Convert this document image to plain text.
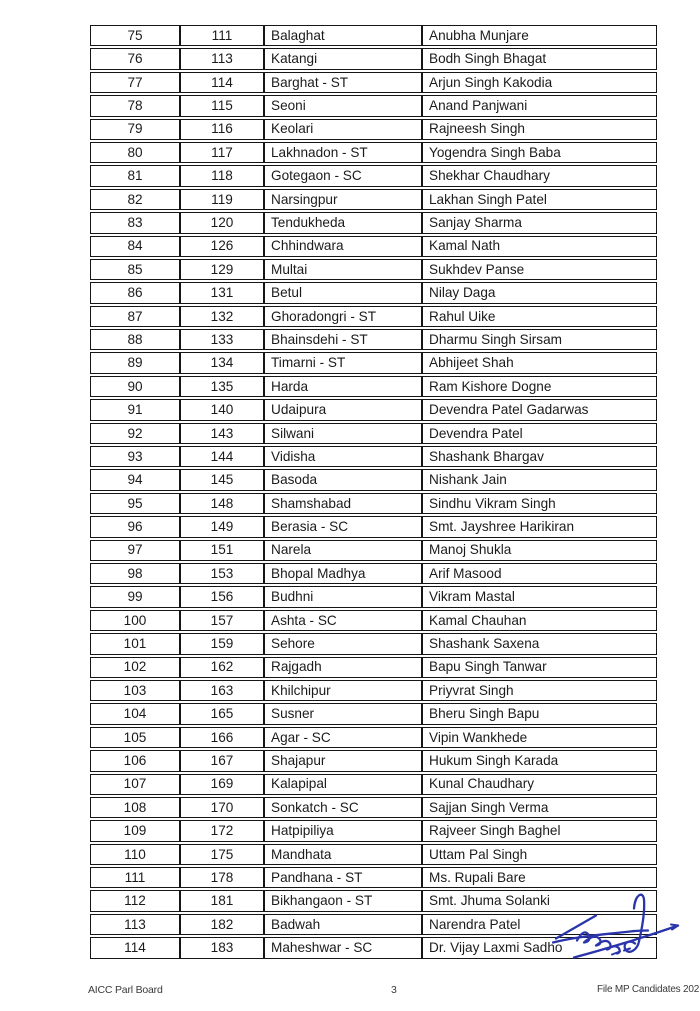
75	111	Balaghat	Anubha Munjare
76	113	Katangi	Bodh Singh Bhagat
77	114	Barghat - ST	Arjun Singh Kakodia
78	115	Seoni	Anand Panjwani
79	116	Keolari	Rajneesh Singh
80	117	Lakhnadon - ST	Yogendra Singh Baba
81	118	Gotegaon - SC	Shekhar Chaudhary
82	119	Narsingpur	Lakhan Singh Patel
83	120	Tendukheda	Sanjay Sharma
84	126	Chhindwara	Kamal Nath
85	129	Multai	Sukhdev Panse
86	131	Betul	Nilay Daga
87	132	Ghoradongri - ST	Rahul Uike
88	133	Bhainsdehi - ST	Dharmu Singh Sirsam
89	134	Timarni - ST	Abhijeet Shah
90	135	Harda	Ram Kishore Dogne
91	140	Udaipura	Devendra Patel Gadarwas
92	143	Silwani	Devendra Patel
93	144	Vidisha	Shashank Bhargav
94	145	Basoda	Nishank Jain
95	148	Shamshabad	Sindhu Vikram Singh
96	149	Berasia - SC	Smt. Jayshree Harikiran
97	151	Narela	Manoj Shukla
98	153	Bhopal Madhya	Arif Masood
99	156	Budhni	Vikram Mastal
100	157	Ashta - SC	Kamal Chauhan
101	159	Sehore	Shashank Saxena
102	162	Rajgadh	Bapu Singh Tanwar
103	163	Khilchipur	Priyvrat Singh
104	165	Susner	Bheru Singh Bapu
105	166	Agar - SC	Vipin Wankhede
106	167	Shajapur	Hukum Singh Karada
107	169	Kalapipal	Kunal Chaudhary
108	170	Sonkatch - SC	Sajjan Singh Verma
109	172	Hatpipiliya	Rajveer Singh Baghel
110	175	Mandhata	Uttam Pal Singh
111	178	Pandhana - ST	Ms. Rupali Bare
112	181	Bikhangaon - ST	Smt. Jhuma Solanki
113	182	Badwah	Narendra Patel
114	183	Maheshwar - SC	Dr. Vijay Laxmi Sadho
AICC Parl Board	3	File MP Candidates 202
